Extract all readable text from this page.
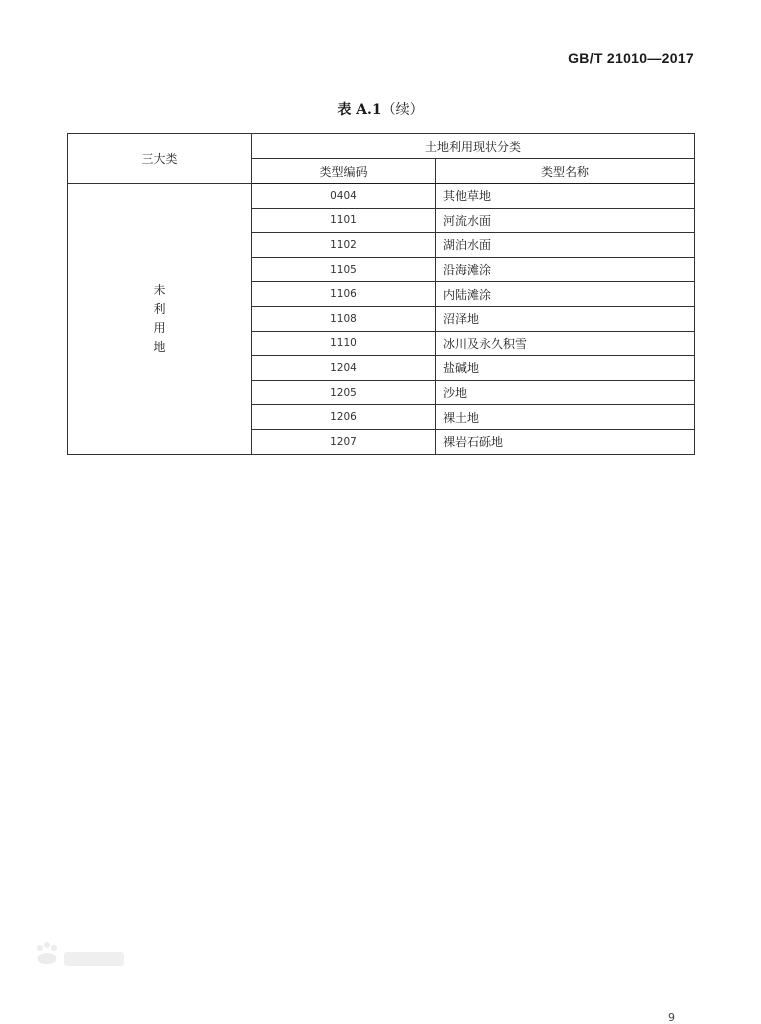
GB/T 21010—2017
表 A.1（续）
三大类	土地利用现状分类	
	类型编码	类型名称
未利用地	0404	其他草地
	1101	河流水面
	1102	湖泊水面
	1105	沿海滩涂
	1106	内陆滩涂
	1108	沼泽地
	1110	冰川及永久积雪
	1204	盐碱地
	1205	沙地
	1206	裸土地
	1207	裸岩石砾地
9
